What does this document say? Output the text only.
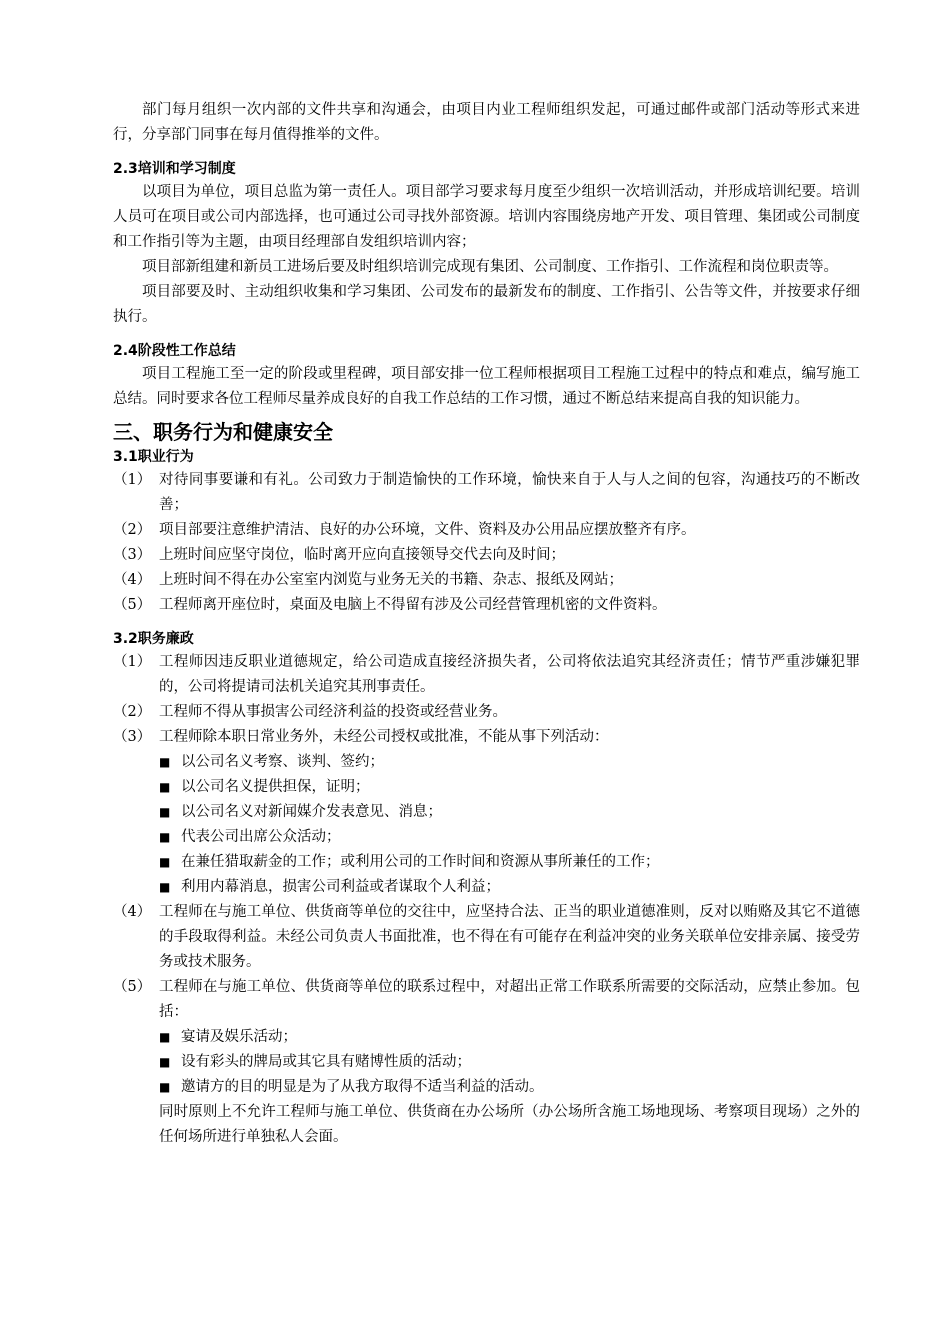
部门每月组织一次内部的文件共享和沟通会，由项目内业工程师组织发起，可通过邮件或部门活动等形式来进行，分享部门同事在每月值得推举的文件。

2.3培训和学习制度

以项目为单位，项目总监为第一责任人。项目部学习要求每月度至少组织一次培训活动，并形成培训纪要。培训人员可在项目或公司内部选择，也可通过公司寻找外部资源。培训内容围绕房地产开发、项目管理、集团或公司制度和工作指引等为主题，由项目经理部自发组织培训内容；

项目部新组建和新员工进场后要及时组织培训完成现有集团、公司制度、工作指引、工作流程和岗位职责等。

项目部要及时、主动组织收集和学习集团、公司发布的最新发布的制度、工作指引、公告等文件，并按要求仔细执行。

2.4阶段性工作总结

项目工程施工至一定的阶段或里程碑，项目部安排一位工程师根据项目工程施工过程中的特点和难点，编写施工总结。同时要求各位工程师尽量养成良好的自我工作总结的工作习惯，通过不断总结来提高自我的知识能力。

三、职务行为和健康安全

3.1职业行为

（1） 对待同事要谦和有礼。公司致力于制造愉快的工作环境，愉快来自于人与人之间的包容，沟通技巧的不断改善；
（2） 项目部要注意维护清洁、良好的办公环境，文件、资料及办公用品应摆放整齐有序。
（3） 上班时间应坚守岗位，临时离开应向直接领导交代去向及时间；
（4） 上班时间不得在办公室室内浏览与业务无关的书籍、杂志、报纸及网站；
（5） 工程师离开座位时，桌面及电脑上不得留有涉及公司经营管理机密的文件资料。

3.2职务廉政

（1） 工程师因违反职业道德规定，给公司造成直接经济损失者，公司将依法追究其经济责任；情节严重涉嫌犯罪的，公司将提请司法机关追究其刑事责任。
（2） 工程师不得从事损害公司经济利益的投资或经营业务。
（3） 工程师除本职日常业务外，未经公司授权或批准，不能从事下列活动：
■ 以公司名义考察、谈判、签约；
■ 以公司名义提供担保，证明；
■ 以公司名义对新闻媒介发表意见、消息；
■ 代表公司出席公众活动；
■ 在兼任猎取薪金的工作；或利用公司的工作时间和资源从事所兼任的工作；
■ 利用内幕消息，损害公司利益或者谋取个人利益；
（4） 工程师在与施工单位、供货商等单位的交往中，应坚持合法、正当的职业道德准则，反对以贿赂及其它不道德的手段取得利益。未经公司负责人书面批准，也不得在有可能存在利益冲突的业务关联单位安排亲属、接受劳务或技术服务。
（5） 工程师在与施工单位、供货商等单位的联系过程中，对超出正常工作联系所需要的交际活动，应禁止参加。包括：
■ 宴请及娱乐活动；
■ 设有彩头的牌局或其它具有赌博性质的活动；
■ 邀请方的目的明显是为了从我方取得不适当利益的活动。

同时原则上不允许工程师与施工单位、供货商在办公场所（办公场所含施工场地现场、考察项目现场）之外的任何场所进行单独私人会面。
